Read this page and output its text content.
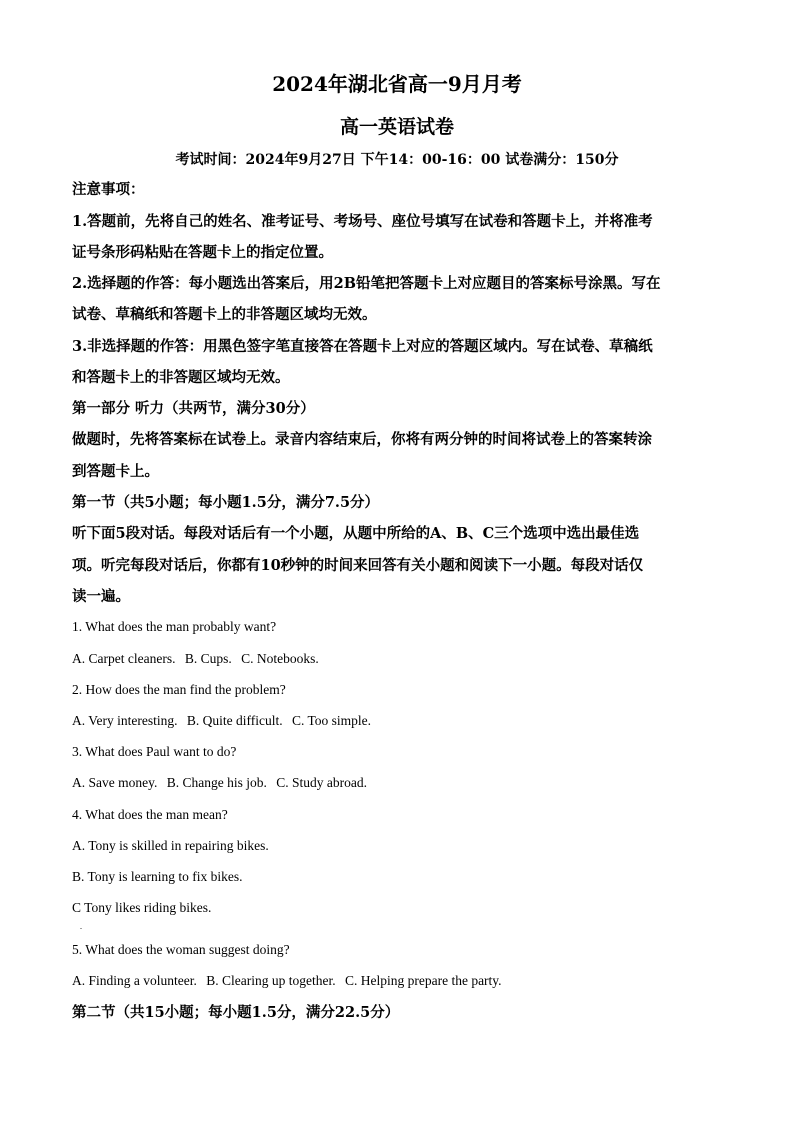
2024年湖北省高一9月月考
高一英语试卷
考试时间：2024年9月27日 下午14：00-16：00 试卷满分：150分
注意事项：
1.答题前，先将自己的姓名、准考证号、考场号、座位号填写在试卷和答题卡上，并将准考
证号条形码粘贴在答题卡上的指定位置。
2.选择题的作答：每小题选出答案后，用2B铅笔把答题卡上对应题目的答案标号涂黑。写在
试卷、草稿纸和答题卡上的非答题区域均无效。
3.非选择题的作答：用黑色签字笔直接答在答题卡上对应的答题区域内。写在试卷、草稿纸
和答题卡上的非答题区域均无效。
第一部分 听力（共两节，满分30分）
做题时，先将答案标在试卷上。录音内容结束后，你将有两分钟的时间将试卷上的答案转涂
到答题卡上。
第一节（共5小题；每小题1.5分，满分7.5分）
听下面5段对话。每段对话后有一个小题，从题中所给的A、B、C三个选项中选出最佳选
项。听完每段对话后，你都有10秒钟的时间来回答有关小题和阅读下一小题。每段对话仅
读一遍。
1. What does the man probably want?
A. Carpet cleaners. B. Cups. C. Notebooks.
2. How does the man find the problem?
A. Very interesting. B. Quite difficult. C. Too simple.
3. What does Paul want to do?
A. Save money. B. Change his job. C. Study abroad.
4. What does the man mean?
A. Tony is skilled in repairing bikes.
B. Tony is learning to fix bikes.
C Tony likes riding bikes.
.
5. What does the woman suggest doing?
A. Finding a volunteer. B. Clearing up together. C. Helping prepare the party.
第二节（共15小题；每小题1.5分，满分22.5分）
